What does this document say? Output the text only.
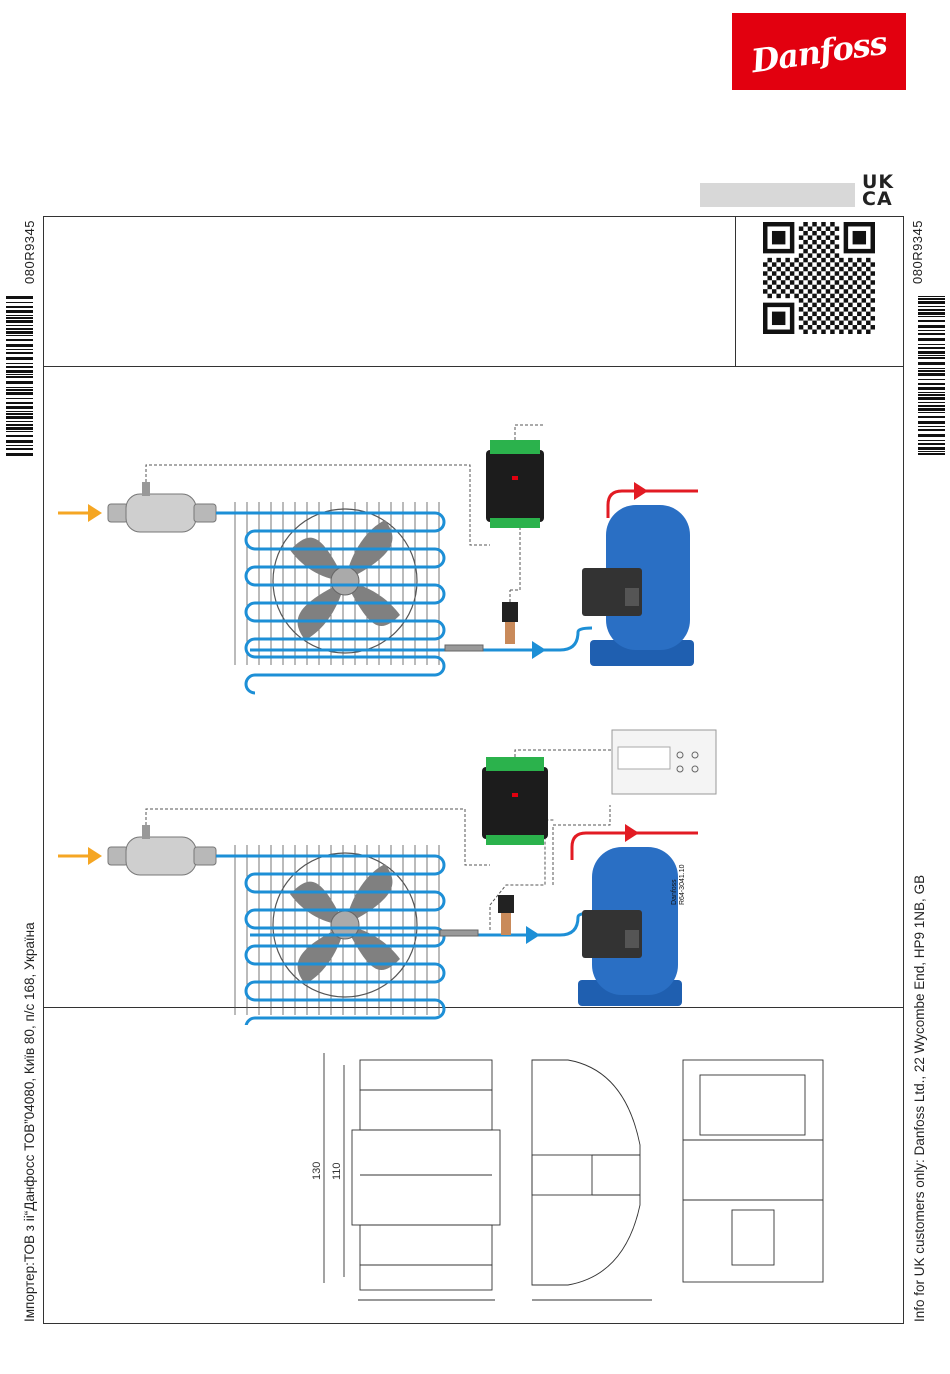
Danfoss
UK
CA
080R9345	080R9345
Імпортер:ТОВ з іі“Данфосс ТОВ”04080, Київ 80, п/с 168, Україна	Info for UK customers only: Danfoss Ltd., 22 Wycombe End, HP9 1NB, GB
Danfoss R64-3041.10
130 110
